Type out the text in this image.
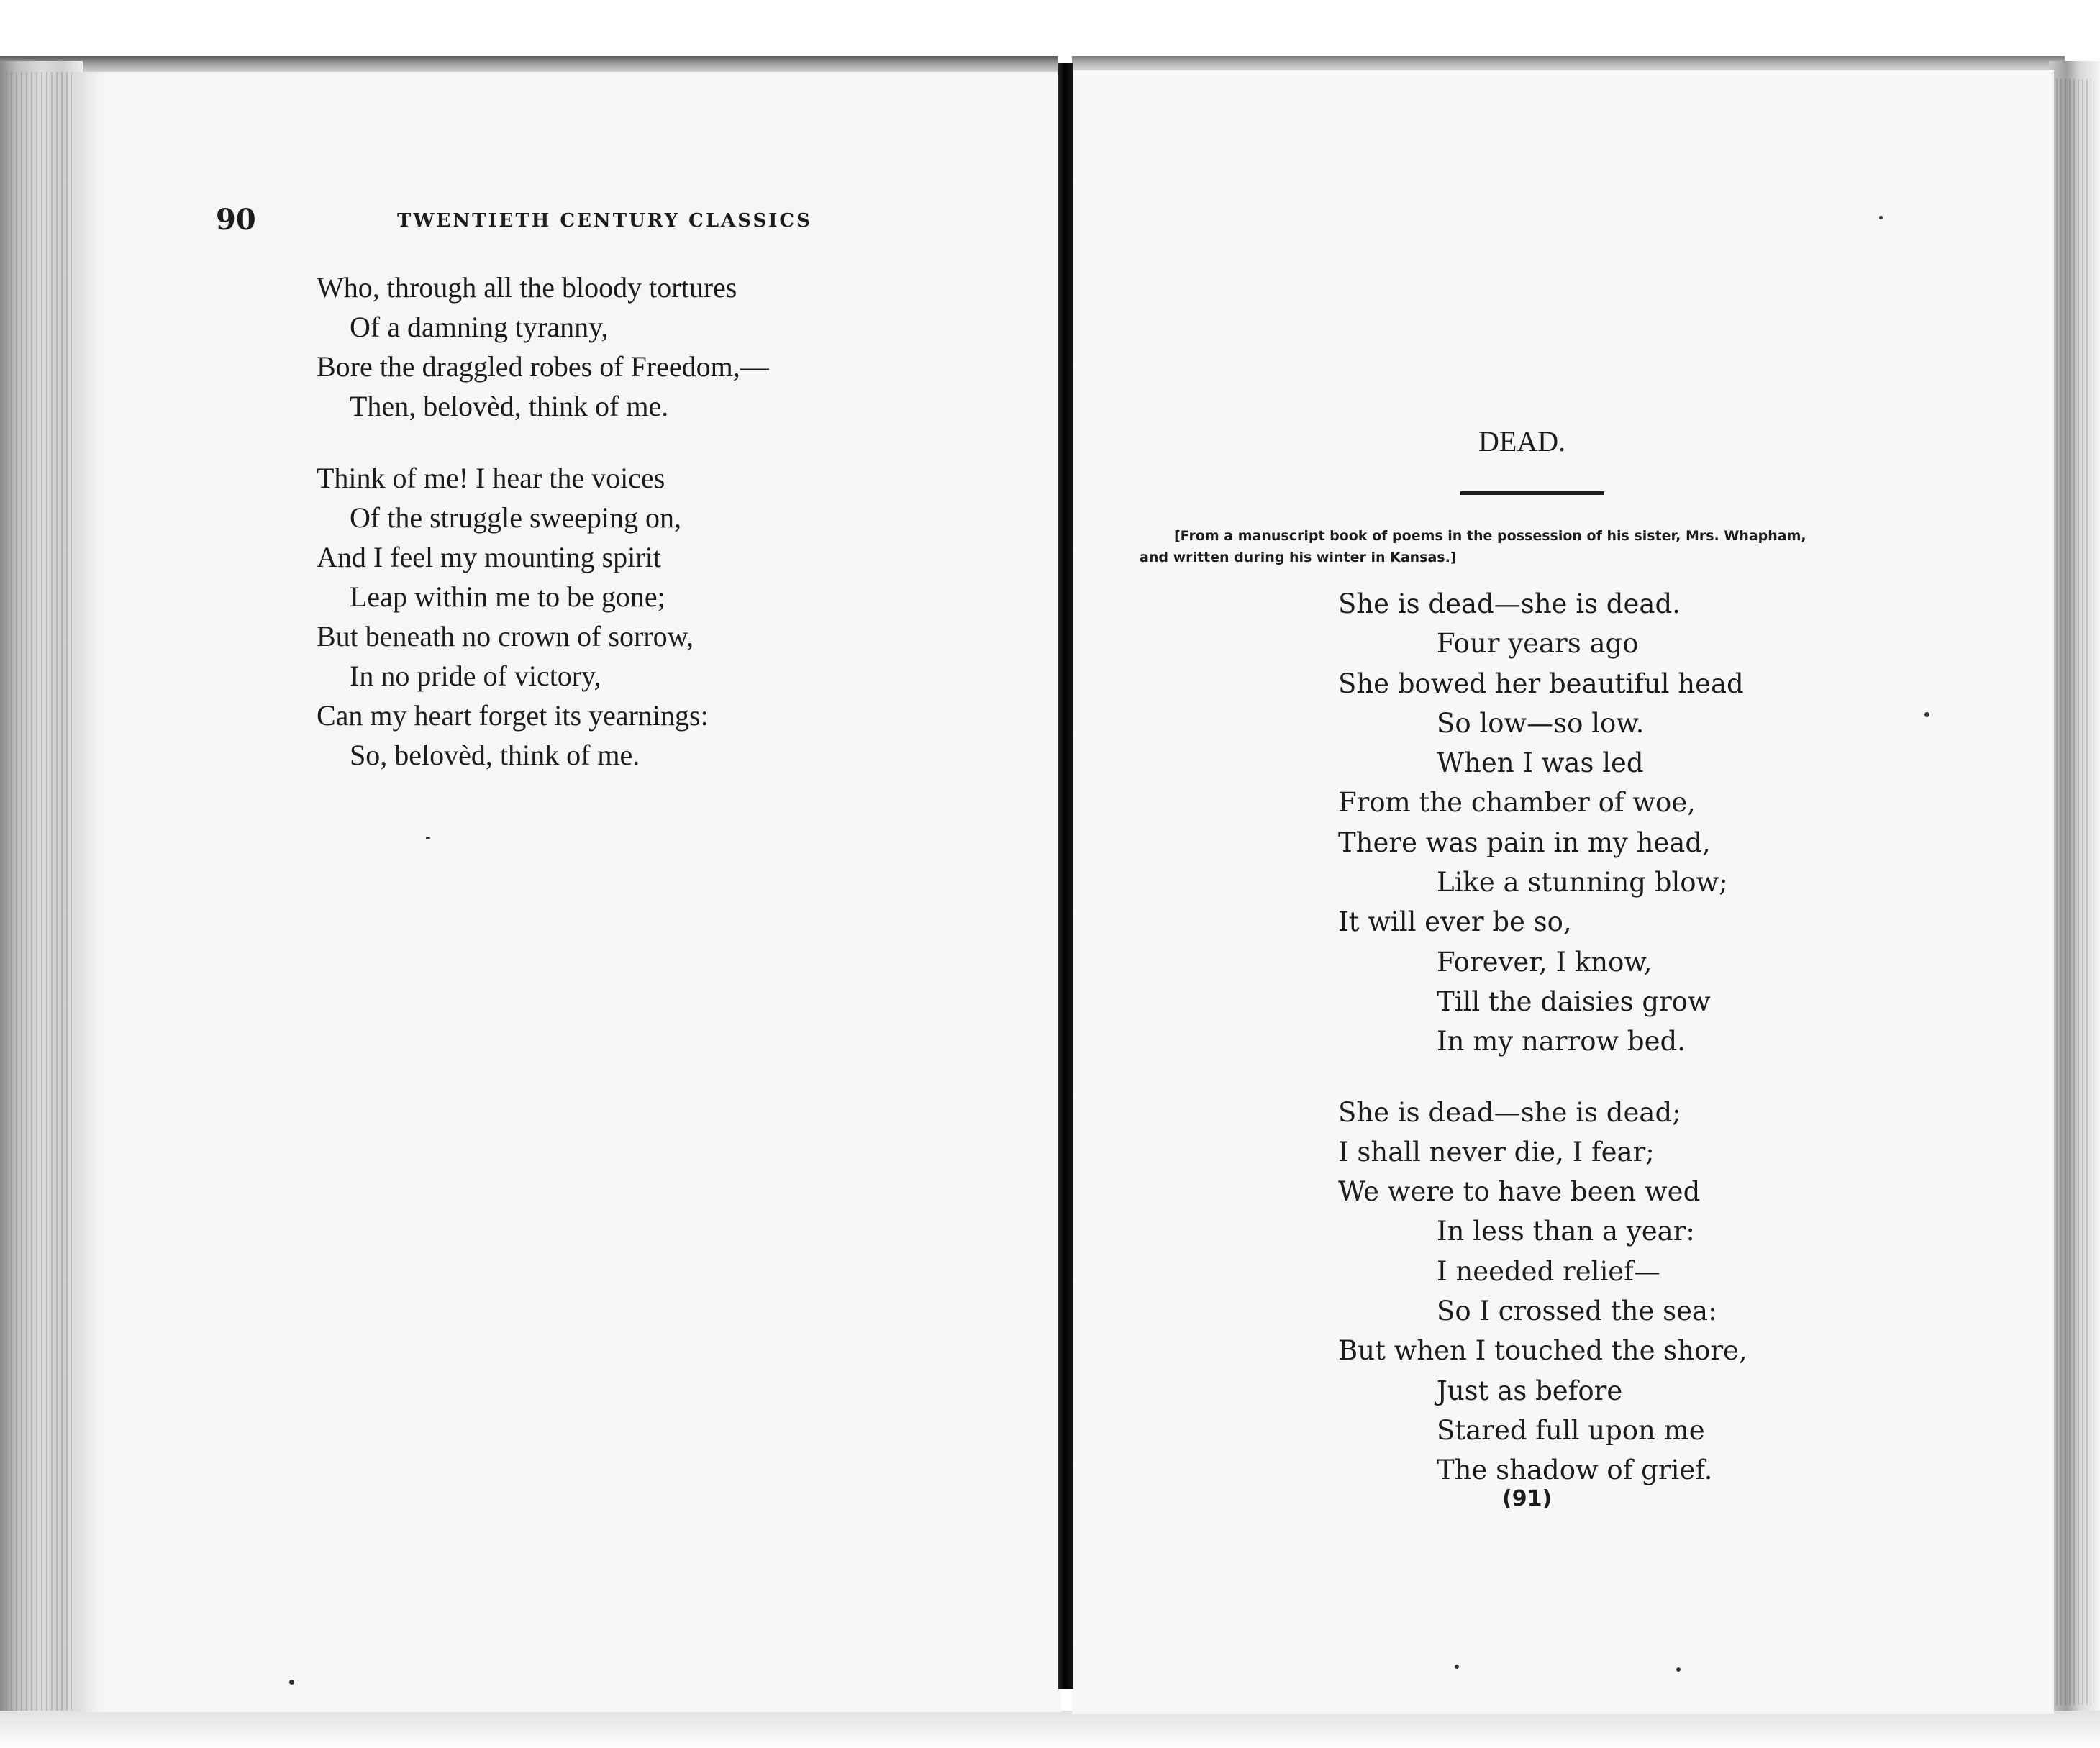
90	TWENTIETH CENTURY CLASSICS
Who, through all the bloody tortures
Of a damning tyranny,
Bore the draggled robes of Freedom,—
Then, belovèd, think of me.
Think of me! I hear the voices
Of the struggle sweeping on,
And I feel my mounting spirit
Leap within me to be gone;
But beneath no crown of sorrow,
In no pride of victory,
Can my heart forget its yearnings:
So, belovèd, think of me.
DEAD.
[From a manuscript book of poems in the possession of his sister, Mrs. Whapham,
and written during his winter in Kansas.]
She is dead—she is dead.
Four years ago
She bowed her beautiful head
So low—so low.
When I was led
From the chamber of woe,
There was pain in my head,
Like a stunning blow;
It will ever be so,
Forever, I know,
Till the daisies grow
In my narrow bed.
She is dead—she is dead;
I shall never die, I fear;
We were to have been wed
In less than a year:
I needed relief—
So I crossed the sea:
But when I touched the shore,
Just as before
Stared full upon me
The shadow of grief.
(91)
